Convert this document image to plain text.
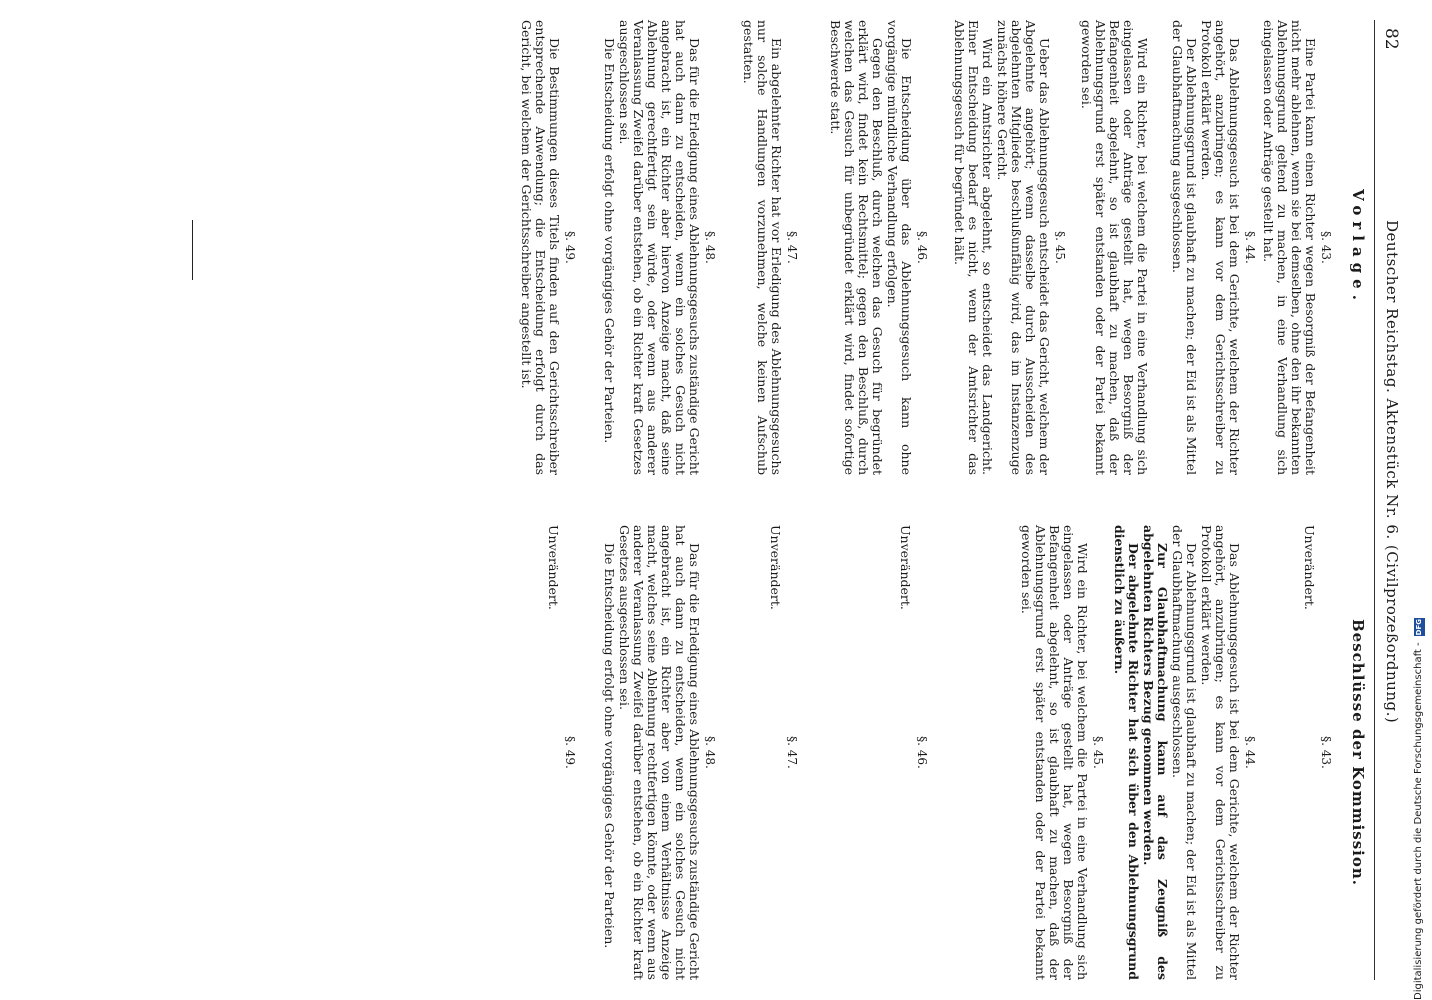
82
Deutscher Reichstag. Aktenstück Nr. 6. (Civilprozeßordnung.)
Vorlage.
§. 43.

Eine Partei kann einen Richter wegen Besorgniß der Befangenheit nicht mehr ablehnen, wenn sie bei demselben, ohne den ihr bekannten Ablehnungsgrund geltend zu machen, in eine Verhandlung sich eingelassen oder Anträge gestellt hat.

§. 44.

Das Ablehnungsgesuch ist bei dem Gerichte, welchem der Richter angehört, anzubringen; es kann vor dem Gerichtsschreiber zu Protokoll erklärt werden.

Der Ablehnungsgrund ist glaubhaft zu machen; der Eid ist als Mittel der Glaubhaftmachung ausgeschlossen.

Wird ein Richter, bei welchem die Partei in eine Verhandlung sich eingelassen oder Anträge gestellt hat, wegen Besorgniß der Befangenheit abgelehnt, so ist glaubhaft zu machen, daß der Ablehnungsgrund erst später entstanden oder der Partei bekannt geworden sei.

§. 45.

Ueber das Ablehnungsgesuch entscheidet das Gericht, welchem der Abgelehnte angehört; wenn dasselbe durch Ausscheiden des abgelehnten Mitgliedes beschlußunfähig wird, das im Instanzenzuge zunächst höhere Gericht.

Wird ein Amtsrichter abgelehnt, so entscheidet das Landgericht. Einer Entscheidung bedarf es nicht, wenn der Amtsrichter das Ablehnungsgesuch für begründet hält.

§. 46.

Die Entscheidung über das Ablehnungsgesuch kann ohne vorgängige mündliche Verhandlung erfolgen.

Gegen den Beschluß, durch welchen das Gesuch für begründet erklärt wird, findet kein Rechtsmittel; gegen den Beschluß, durch welchen das Gesuch für unbegründet erklärt wird, findet sofortige Beschwerde statt.

§. 47.

Ein abgelehnter Richter hat vor Erledigung des Ablehnungsgesuchs nur solche Handlungen vorzunehmen, welche keinen Aufschub gestatten.

§. 48.

Das für die Erledigung eines Ablehnungsgesuchs zuständige Gericht hat auch dann zu entscheiden, wenn ein solches Gesuch nicht angebracht ist, ein Richter aber hiervon Anzeige macht, daß seine Ablehnung gerechtfertigt sein würde, oder wenn aus anderer Veranlassung Zweifel darüber entstehen, ob ein Richter kraft Gesetzes ausgeschlossen sei.

Die Entscheidung erfolgt ohne vorgängiges Gehör der Parteien.

§. 49.

Die Bestimmungen dieses Titels finden auf den Gerichtsschreiber entsprechende Anwendung; die Entscheidung erfolgt durch das Gericht, bei welchem der Gerichtsschreiber angestellt ist.

Beschlüsse der Kommission.
§. 43.

Unverändert.

§. 44.

Das Ablehnungsgesuch ist bei dem Gerichte, welchem der Richter angehört, anzubringen; es kann vor dem Gerichtsschreiber zu Protokoll erklärt werden.

Der Ablehnungsgrund ist glaubhaft zu machen; der Eid ist als Mittel der Glaubhaftmachung ausgeschlossen.

Zur Glaubhaftmachung kann auf das Zeugniß des abgelehnten Richters Bezug genommen werden.

Der abgelehnte Richter hat sich über den Ablehnungsgrund dienstlich zu äußern.

§. 45.

Wird ein Richter, bei welchem die Partei in eine Verhandlung sich eingelassen oder Anträge gestellt hat, wegen Besorgniß der Befangenheit abgelehnt, so ist glaubhaft zu machen, daß der Ablehnungsgrund erst später entstanden oder der Partei bekannt geworden sei.

§. 46.

Unverändert.

§. 47.

Unverändert.

§. 48.

Das für die Erledigung eines Ablehnungsgesuchs zuständige Gericht hat auch dann zu entscheiden, wenn ein solches Gesuch nicht angebracht ist, ein Richter aber von einem Verhältnisse Anzeige macht, welches seine Ablehnung rechtfertigen könnte, oder wenn aus anderer Veranlassung Zweifel darüber entstehen, ob ein Richter kraft Gesetzes ausgeschlossen sei.

Die Entscheidung erfolgt ohne vorgängiges Gehör der Parteien.

§. 49.

Unverändert.

Digitalisierung gefördert durch die Deutsche Forschungsgemeinschaft - DFG
